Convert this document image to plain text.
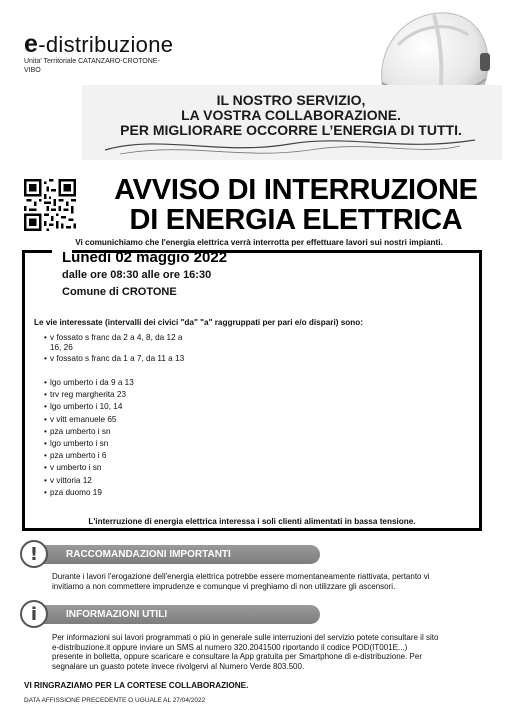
e-distribuzione
Unita' Territoriale CATANZARO-CROTONE-
VIBO
IL NOSTRO SERVIZIO,
LA VOSTRA COLLABORAZIONE.
PER MIGLIORARE OCCORRE L’ENERGIA DI TUTTI.
AVVISO DI INTERRUZIONE
DI ENERGIA ELETTRICA
Vi comunichiamo che l'energia elettrica verrà interrotta per effettuare lavori sui nostri impianti.
Lunedì 02 maggio 2022
dalle ore 08:30 alle ore 16:30
Comune di CROTONE
Le vie interessate (intervalli dei civici "da" "a" raggruppati per pari e/o dispari) sono:
• v fossato s franc da 2 a 4, 8, da 12 a
16, 26
• v fossato s franc da 1 a 7, da 11 a 13
• lgo umberto i da 9 a 13
• trv reg margherita 23
• lgo umberto i 10, 14
• v vitt emanuele 65
• pza umberto i sn
• lgo umberto i sn
• pza umberto i 6
• v umberto i sn
• v vittoria 12
• pza duomo 19
L'interruzione di energia elettrica interessa i soli clienti alimentati in bassa tensione.
RACCOMANDAZIONI IMPORTANTI
!
Durante i lavori l'erogazione dell'energia elettrica potrebbe essere momentaneamente riattivata, pertanto vi
invitiamo a non commettere imprudenze e comunque vi preghiamo di non utilizzare gli ascensori.
INFORMAZIONI UTILI
i
Per informazioni sui lavori programmati o più in generale sulle interruzioni del servizio potete consultare il sito
e-distribuzione.it oppure inviare un SMS al numero 320.2041500 riportando il codice POD(IT001E...)
presente in bolletta, oppure scaricare e consultare la App gratuita per Smartphone di e-distribuzione. Per
segnalare un guasto potete invece rivolgervi al Numero Verde 803.500.
VI RINGRAZIAMO PER LA CORTESE COLLABORAZIONE.
DATA AFFISSIONE PRECEDENTE O UGUALE AL 27/04/2022
